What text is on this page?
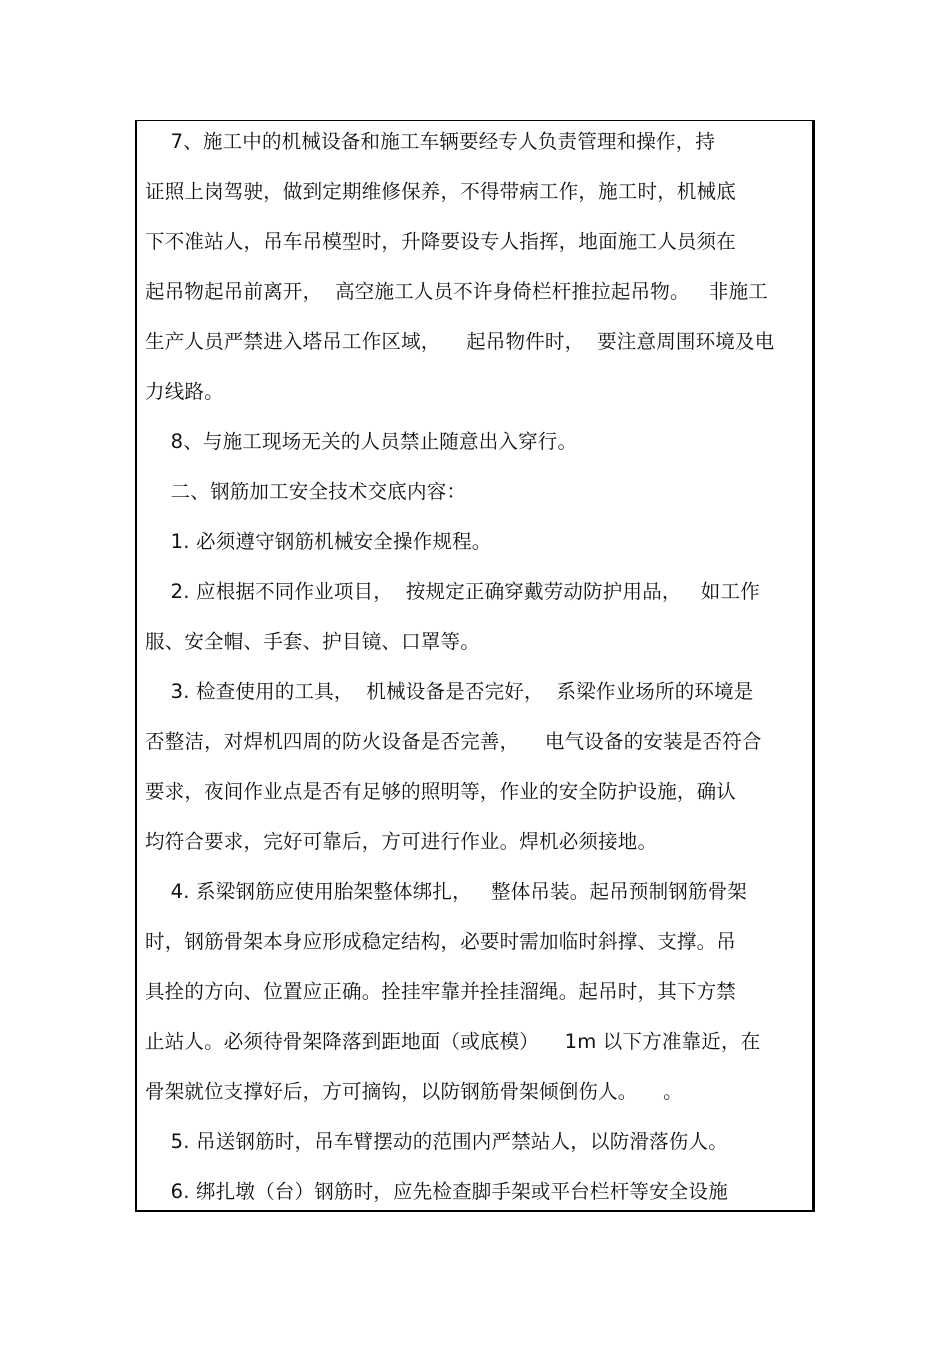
7、施工中的机械设备和施工车辆要经专人负责管理和操作，持
证照上岗驾驶，做到定期维修保养，不得带病工作，施工时，机械底
下不准站人，吊车吊模型时，升降要设专人指挥，地面施工人员须在
起吊物起吊前离开，  高空施工人员不许身倚栏杆推拉起吊物。   非施工
生产人员严禁进入塔吊工作区域，    起吊物件时，  要注意周围环境及电
力线路。
8、与施工现场无关的人员禁止随意出入穿行。
二、钢筋加工安全技术交底内容：
1. 必须遵守钢筋机械安全操作规程。
2. 应根据不同作业项目，  按规定正确穿戴劳动防护用品，   如工作
服、安全帽、手套、护目镜、口罩等。
3. 检查使用的工具，  机械设备是否完好，  系梁作业场所的环境是
否整洁，对焊机四周的防火设备是否完善，    电气设备的安装是否符合
要求，夜间作业点是否有足够的照明等，作业的安全防护设施，确认
均符合要求，完好可靠后，方可进行作业。焊机必须接地。
4. 系梁钢筋应使用胎架整体绑扎，   整体吊装。起吊预制钢筋骨架
时，钢筋骨架本身应形成稳定结构，必要时需加临时斜撑、支撑。吊
具拴的方向、位置应正确。拴挂牢靠并拴挂溜绳。起吊时，其下方禁
止站人。必须待骨架降落到距地面（或底模）    1m 以下方准靠近，在
骨架就位支撑好后，方可摘钩，以防钢筋骨架倾倒伤人。    。
5. 吊送钢筋时，吊车臂摆动的范围内严禁站人，以防滑落伤人。
6. 绑扎墩（台）钢筋时，应先检查脚手架或平台栏杆等安全设施
